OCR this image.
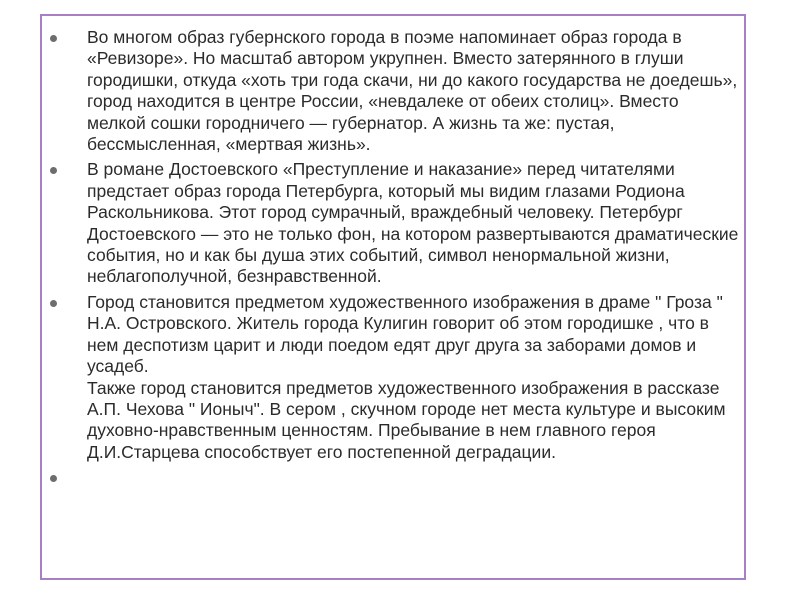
Во многом образ губернского города в поэме напоминает образ города в «Ревизоре». Но масштаб автором укрупнен. Вместо затерянного в глуши городишки, откуда «хоть три года скачи, ни до какого государства не доедешь», город находится в центре России, «невдалеке от обеих столиц». Вместо мелкой сошки городничего — губернатор. А жизнь та же: пустая, бессмысленная, «мертвая жизнь».
В романе Достоевского «Преступление и наказание» перед читателями предстает образ города Петербурга, который мы видим глазами Родиона Раскольникова. Этот город сумрачный, враждебный человеку. Петербург Достоевского — это не только фон, на котором развертываются драматические события, но и как бы душа этих событий, символ ненормальной жизни, неблагополучной, безнравственной.
Город становится предметом художественного изображения в драме " Гроза " Н.А. Островского. Житель города Кулигин говорит об этом городишке , что в нем деспотизм царит и люди поедом едят друг друга за заборами домов и усадеб.
Также город становится предметов художественного изображения в рассказе А.П. Чехова " Ионыч". В сером , скучном городе нет места культуре и высоким духовно-нравственным ценностям. Пребывание в нем главного героя Д.И.Старцева способствует его постепенной деградации.
